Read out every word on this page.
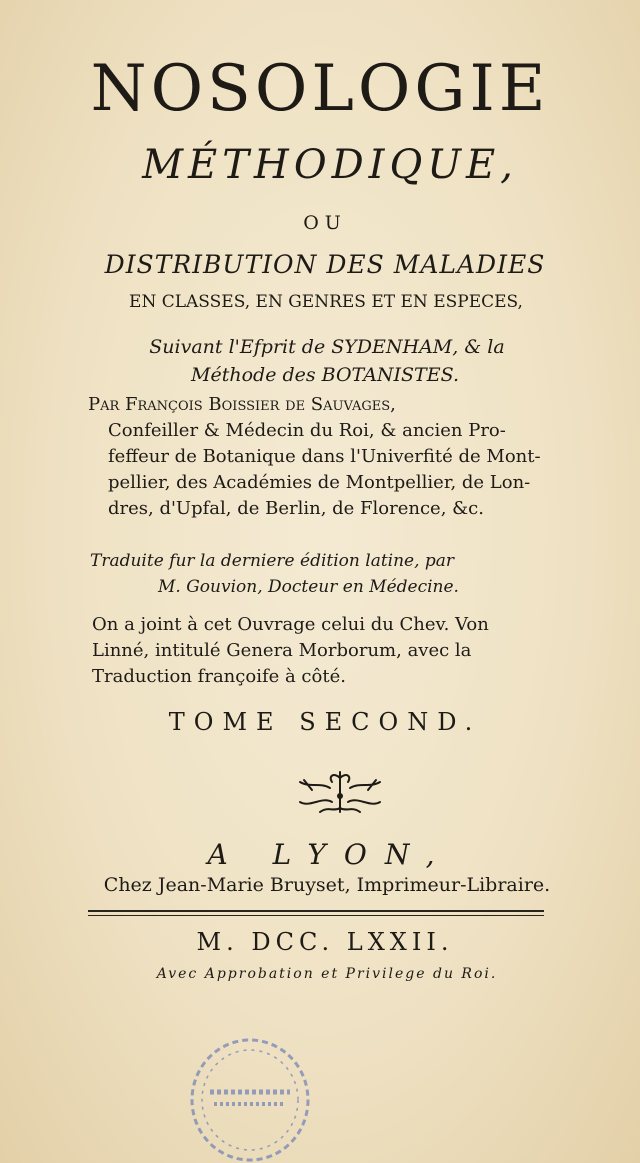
NOSOLOGIE
MÉTHODIQUE,
OU
DISTRIBUTION DES MALADIES
EN CLASSES, EN GENRES ET EN ESPECES,
Suivant l'Efprit de SYDENHAM, & la
Méthode des BOTANISTES.
Par François Boissier de Sauvages,

Confeiller & Médecin du Roi, & ancien Pro-
feffeur de Botanique dans l'Univerfité de Mont-
pellier, des Académies de Montpellier, de Lon-
dres, d'Upfal, de Berlin, de Florence, &c.
Traduite fur la derniere édition latine, par

M. Gouvion, Docteur en Médecine.
On a joint à cet Ouvrage celui du Chev. Von
Linné, intitulé Genera Morborum, avec la
Traduction françoife à côté.
TOME SECOND.
A LYON,
Chez Jean-Marie Bruyset, Imprimeur-Libraire.
M. DCC. LXXII.
Avec Approbation et Privilege du Roi.
